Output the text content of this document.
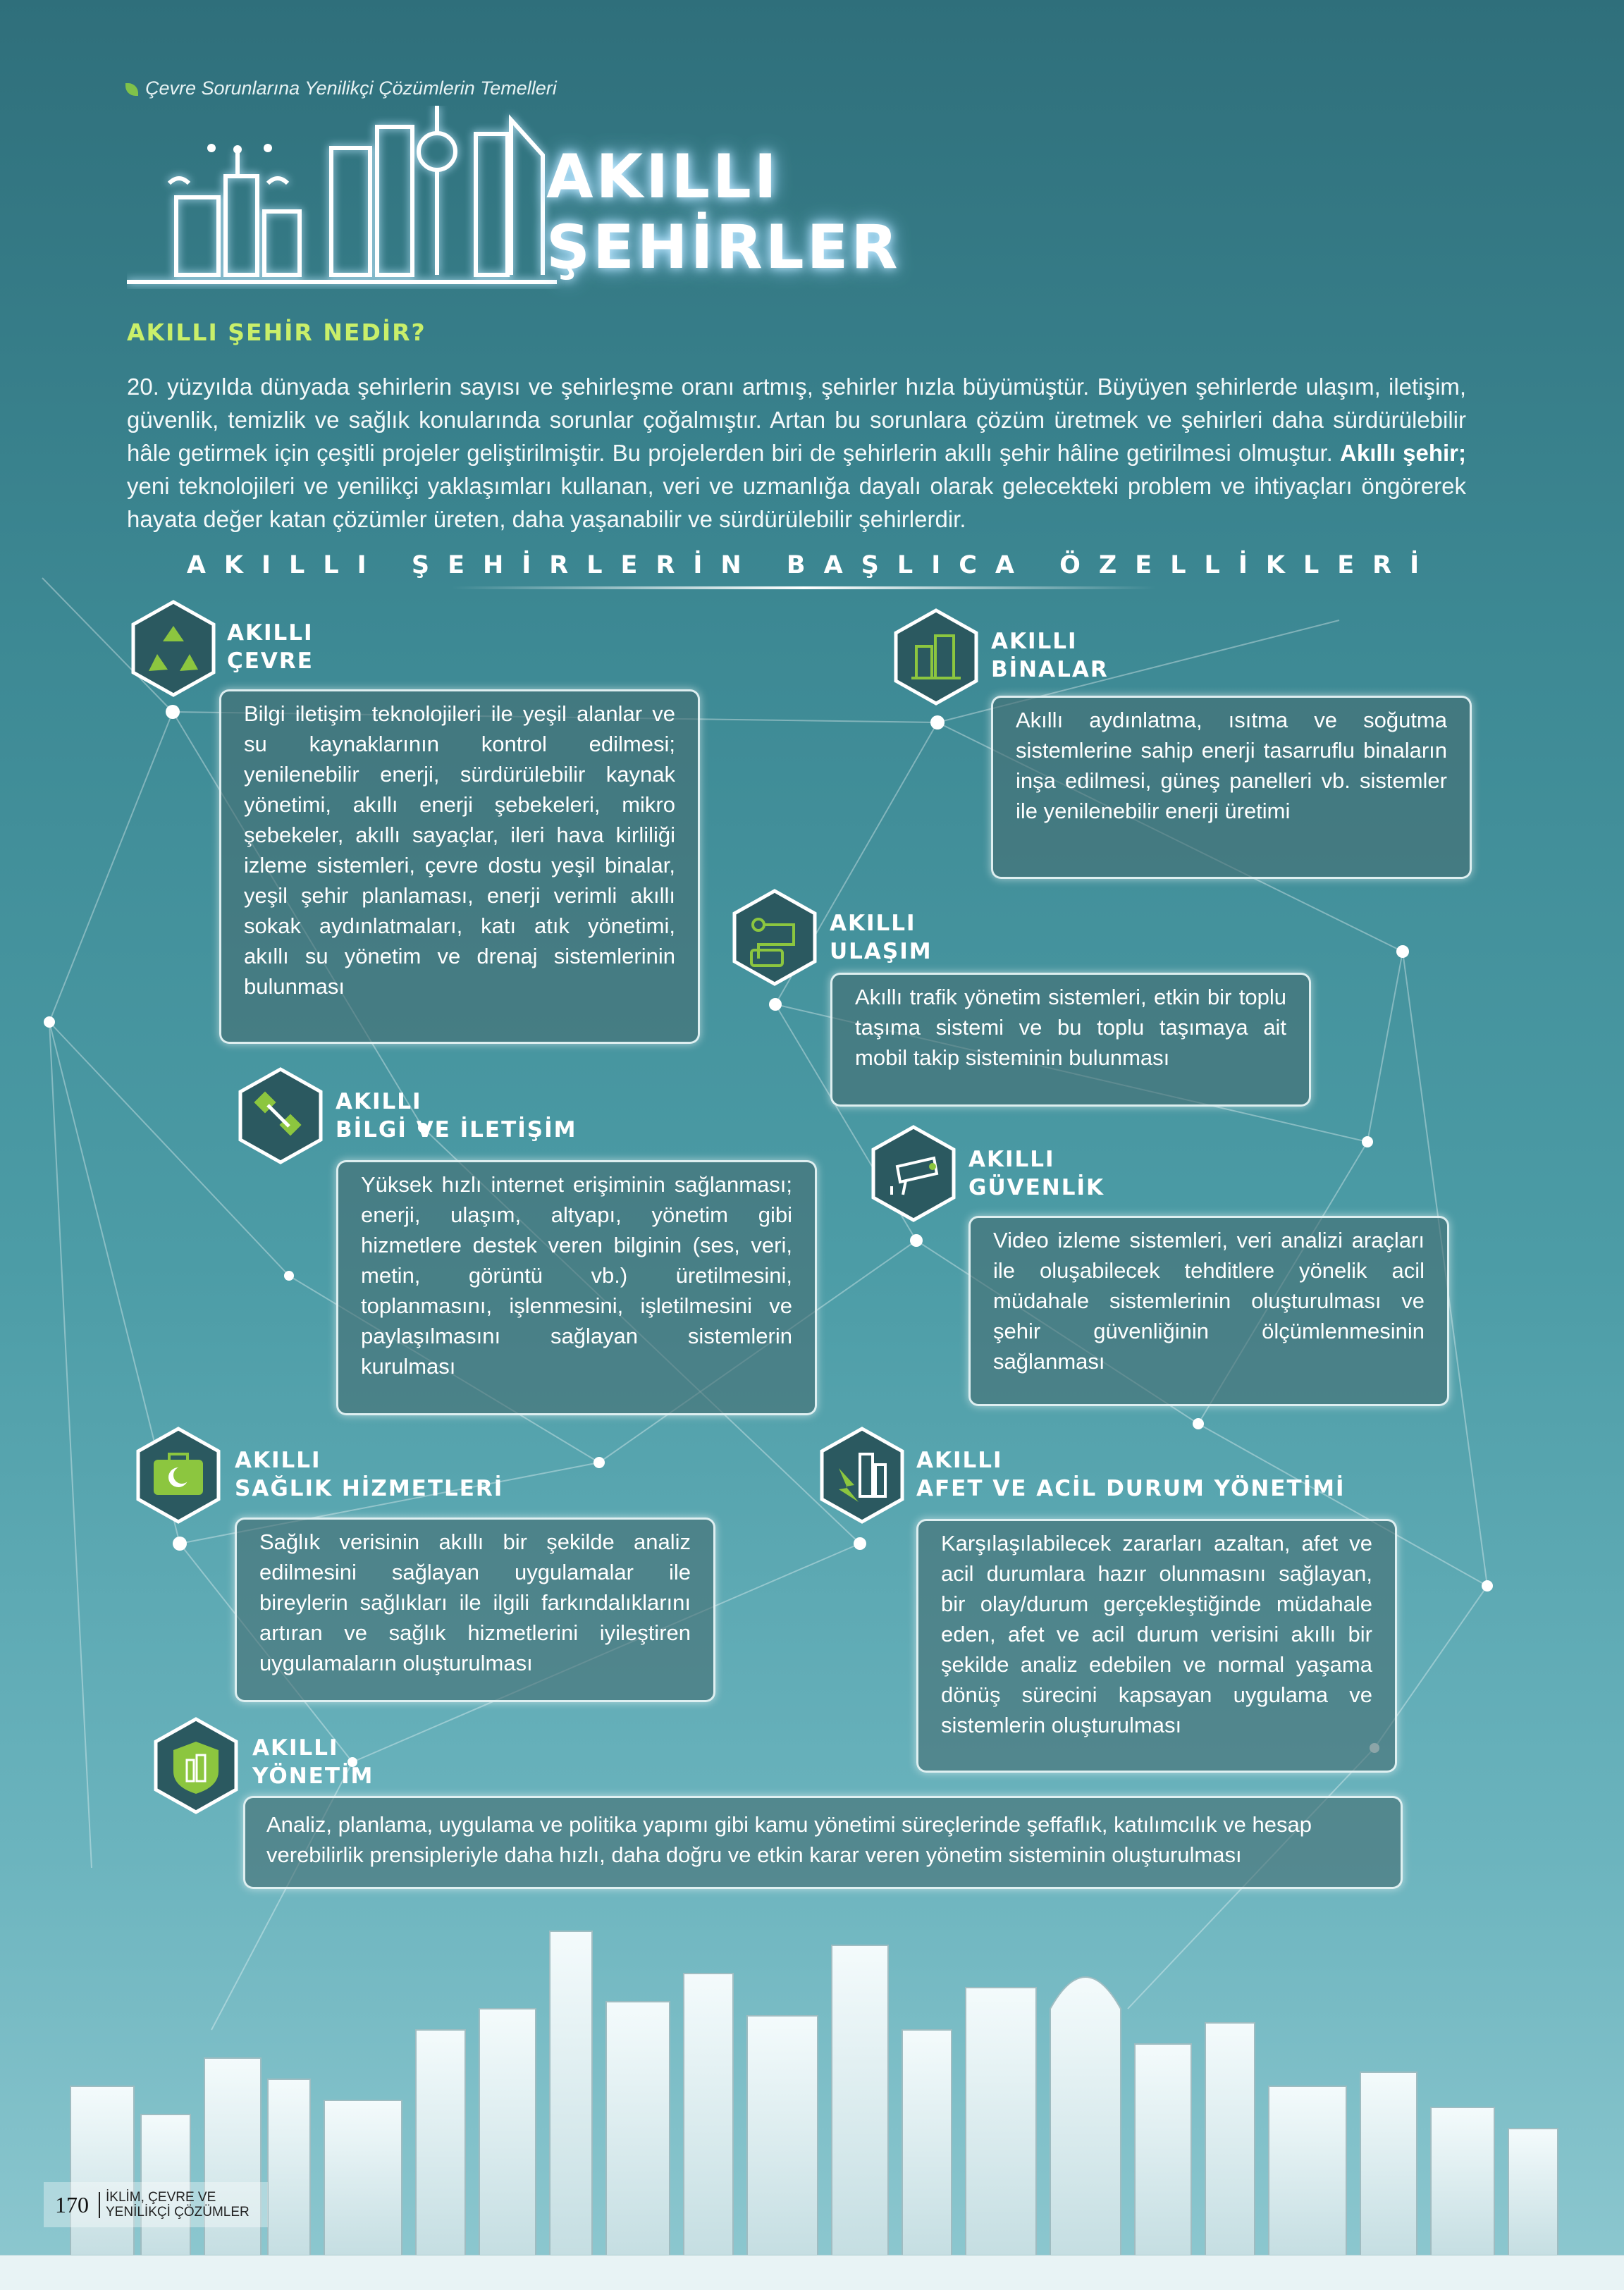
Çevre Sorunlarına Yenilikçi Çözümlerin Temelleri
AKILLI
ŞEHİRLER
AKILLI ŞEHİR NEDİR?
20. yüzyılda dünyada şehirlerin sayısı ve şehirleşme oranı artmış, şehirler hızla büyümüştür. Büyüyen şehirlerde ulaşım, iletişim, güvenlik, temizlik ve sağlık konularında sorunlar çoğalmıştır. Artan bu sorunlara çözüm üretmek ve şehirleri daha sürdürülebilir hâle getirmek için çeşitli projeler geliştirilmiştir. Bu projelerden biri de şehirlerin akıllı şehir hâline getirilmesi olmuştur. Akıllı şehir; yeni teknolojileri ve yenilikçi yaklaşımları kullanan, veri ve uzmanlığa dayalı olarak gelecekteki problem ve ihtiyaçları öngörerek hayata değer katan çözümler üreten, daha yaşanabilir ve sürdürülebilir şehirlerdir.
AKILLI ŞEHİRLERİN BAŞLICA ÖZELLİKLERİ
AKILLI
ÇEVRE
Bilgi iletişim teknolojileri ile yeşil alanlar ve su kaynaklarının kontrol edilmesi; yenilenebilir enerji, sürdürülebilir kaynak yönetimi, akıllı enerji şebekeleri, mikro şebekeler, akıllı sayaçlar, ileri hava kirliliği izleme sistemleri, çevre dostu yeşil binalar, yeşil şehir planlaması, enerji verimli akıllı sokak aydınlatmaları, katı atık yönetimi, akıllı su yönetim ve drenaj sistemlerinin bulunması
AKILLI
BİNALAR
Akıllı aydınlatma, ısıtma ve soğutma sistemlerine sahip enerji tasarruflu binaların inşa edilmesi, güneş panelleri vb. sistemler ile yenilenebilir enerji üretimi
AKILLI
ULAŞIM
Akıllı trafik yönetim sistemleri, etkin bir toplu taşıma sistemi ve bu toplu taşımaya ait mobil takip sisteminin bulunması
AKILLI
BİLGİ VE İLETİŞİM
Yüksek hızlı internet erişiminin sağlanması; enerji, ulaşım, altyapı, yönetim gibi hizmetlere destek veren bilginin (ses, veri, metin, görüntü vb.) üretilmesini, toplanmasını, işlenmesini, işletilmesini ve paylaşılmasını sağlayan sistemlerin kurulması
AKILLI
GÜVENLİK
Video izleme sistemleri, veri analizi araçları ile oluşabilecek tehditlere yönelik acil müdahale sistemlerinin oluşturulması ve şehir güvenliğinin ölçümlenmesinin sağlanması
AKILLI
SAĞLIK HİZMETLERİ
Sağlık verisinin akıllı bir şekilde analiz edilmesini sağlayan uygulamalar ile bireylerin sağlıkları ile ilgili farkındalıklarını artıran ve sağlık hizmetlerini iyileştiren uygulamaların oluşturulması
AKILLI
AFET VE ACİL DURUM YÖNETİMİ
Karşılaşılabilecek zararları azaltan, afet ve acil durumlara hazır olunmasını sağlayan, bir olay/durum gerçekleştiğinde müdahale eden, afet ve acil durum verisini akıllı bir şekilde analiz edebilen ve normal yaşama dönüş sürecini kapsayan uygulama ve sistemlerin oluşturulması
AKILLI
YÖNETİM
Analiz, planlama, uygulama ve politika yapımı gibi kamu yönetimi süreçlerinde şeffaflık, katılımcılık ve hesap verebilirlik prensipleriyle daha hızlı, daha doğru ve etkin karar veren yönetim sisteminin oluşturulması
170	İKLİM, ÇEVRE VE YENİLİKÇİ ÇÖZÜMLER
